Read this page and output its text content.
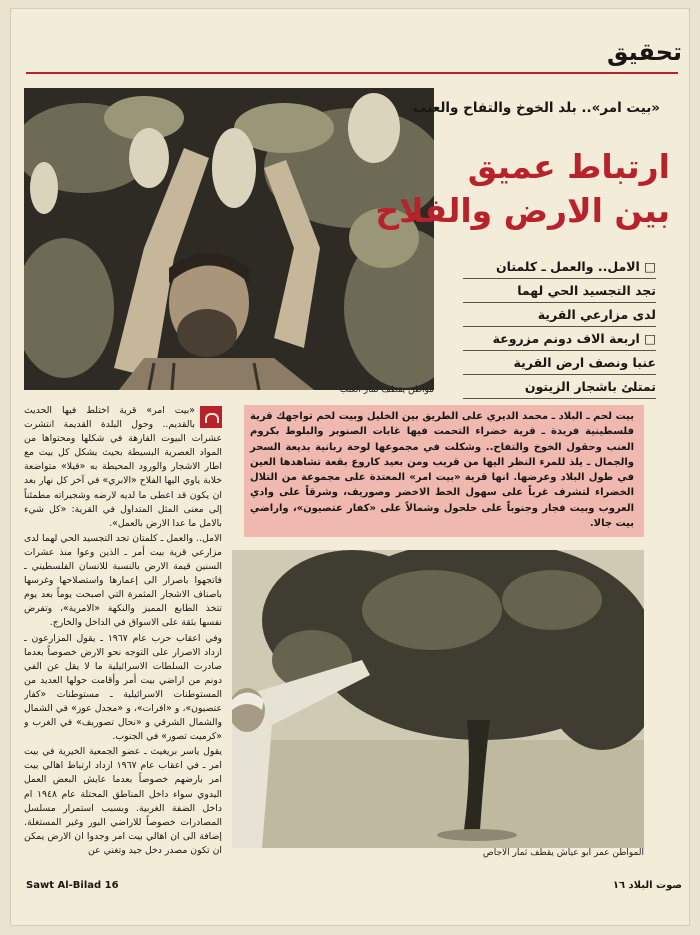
تحقيق
مواطن يقطف ثمار العنب
«بيت امر».. بلد الخوخ والتفاح والعنب
ارتباط عميق
بين الارض والفلاح
□ الامل.. والعمل ـ كلمتان
تجد التجسيد الحي لهما
لدى مزارعي القرية
□ اربعة الاف دونم مزروعة
عنبا ونصف ارض القرية
تمتلئ باشجار الزيتون

بيت لحم ـ البلاد ـ محمد الديري على الطريق بين الخليل وبيت لحم تواجهك قرية فلسطينية فريدة ـ قرية خضراء التحمت فيها غابات الصنوبر والبلوط بكروم العنب وحقول الخوخ والتفاح.. وشكلت في مجموعها لوحة ربانية بديعة السحر والجمال ـ يلذ للمرء النظر اليها من قريب ومن بعيد كاروع بقعة تشاهدها العين في طول البلاد وعرضها. انها قرية «بيت امر» المعتدة على مجموعة من التلال الخضراء لتشرف غرباً على سهول الخط الاخضر وصوريف، وشرقاً على وادي العروب وبيت فجار وجنوباً على حلحول وشمالاً على «كفار عتصيون»، واراضي بيت جالا.

«بيت امر» قرية اختلط فيها الحديث بالقديم.. وحول البلدة القديمة انتشرت عشرات البيوت الفارهة في شكلها ومحتواها من المواد العصرية البسيطة بحيث يشكل كل بيت مع اطار الاشجار والورود المحيطة به «فيلا» متواضعة خلابة ياوي اليها الفلاح «الابري» في آخر كل نهار بعد ان يكون قد اعطى ما لديه لارضه وشجيراته مطمئناً إلى معنى المثل المتداول في القرية: «كل شيء بالامل ما عدا الارض بالعمل».

الامل.. والعمل ـ كلمتان تجد التجسيد الحي لهما لدى مزارعي قرية بيت أمر ـ الذين وعوا منذ عشرات السنين قيمة الارض بالنسبة للانسان الفلسطيني ـ فاتجهوا باصرار الى إعمارها واستصلاحها وغرسها باصناف الاشجار المثمرة التي اصبحت يوماً بعد يوم تتخذ الطابع المميز والنكهة «الامرية»، وتفرض نفسها بثقة على الاسواق في الداخل والخارج.

وفي اعقاب حرب عام ١٩٦٧ ـ يقول المزارعون ـ ازداد الاصرار على التوجه نحو الارض خصوصاً بعدما صادرت السلطات الاسرائيلية ما لا يقل عن الفي دونم من اراضي بيت أمر وأقامت حولها العديد من المستوطنات الاسرائيلية ـ مستوطنات «كفار عتصيون»، و «افرات»، و «مجدل عوز» في الشمال والشمال الشرقي و «نحال تصوريف» في الغرب و «كرميت تصور» في الجنوب.

يقول ياسر بريغيث ـ عضو الجمعية الخيرية في بيت امر ـ في اعقاب عام ١٩٦٧ ازداد ارتباط اهالي بيت امر بارضهم خصوصاً بعدما عايش البعض العمل اليدوي سواء داخل المناطق المحتلة عام ١٩٤٨ ام داخل الضفة الغربية. وبسبب استمرار مسلسل المصادرات خصوصاً للاراضي البور وغير المستغلة. إضافة الى ان اهالي بيت امر وجدوا ان الارض يمكن ان تكون مصدر دخل جيد وتغني عن	المواطن عمر ابو عياش يقطف ثمار الاجاص
Sawt Al-Bilad 16	صوت البلاد ١٦
